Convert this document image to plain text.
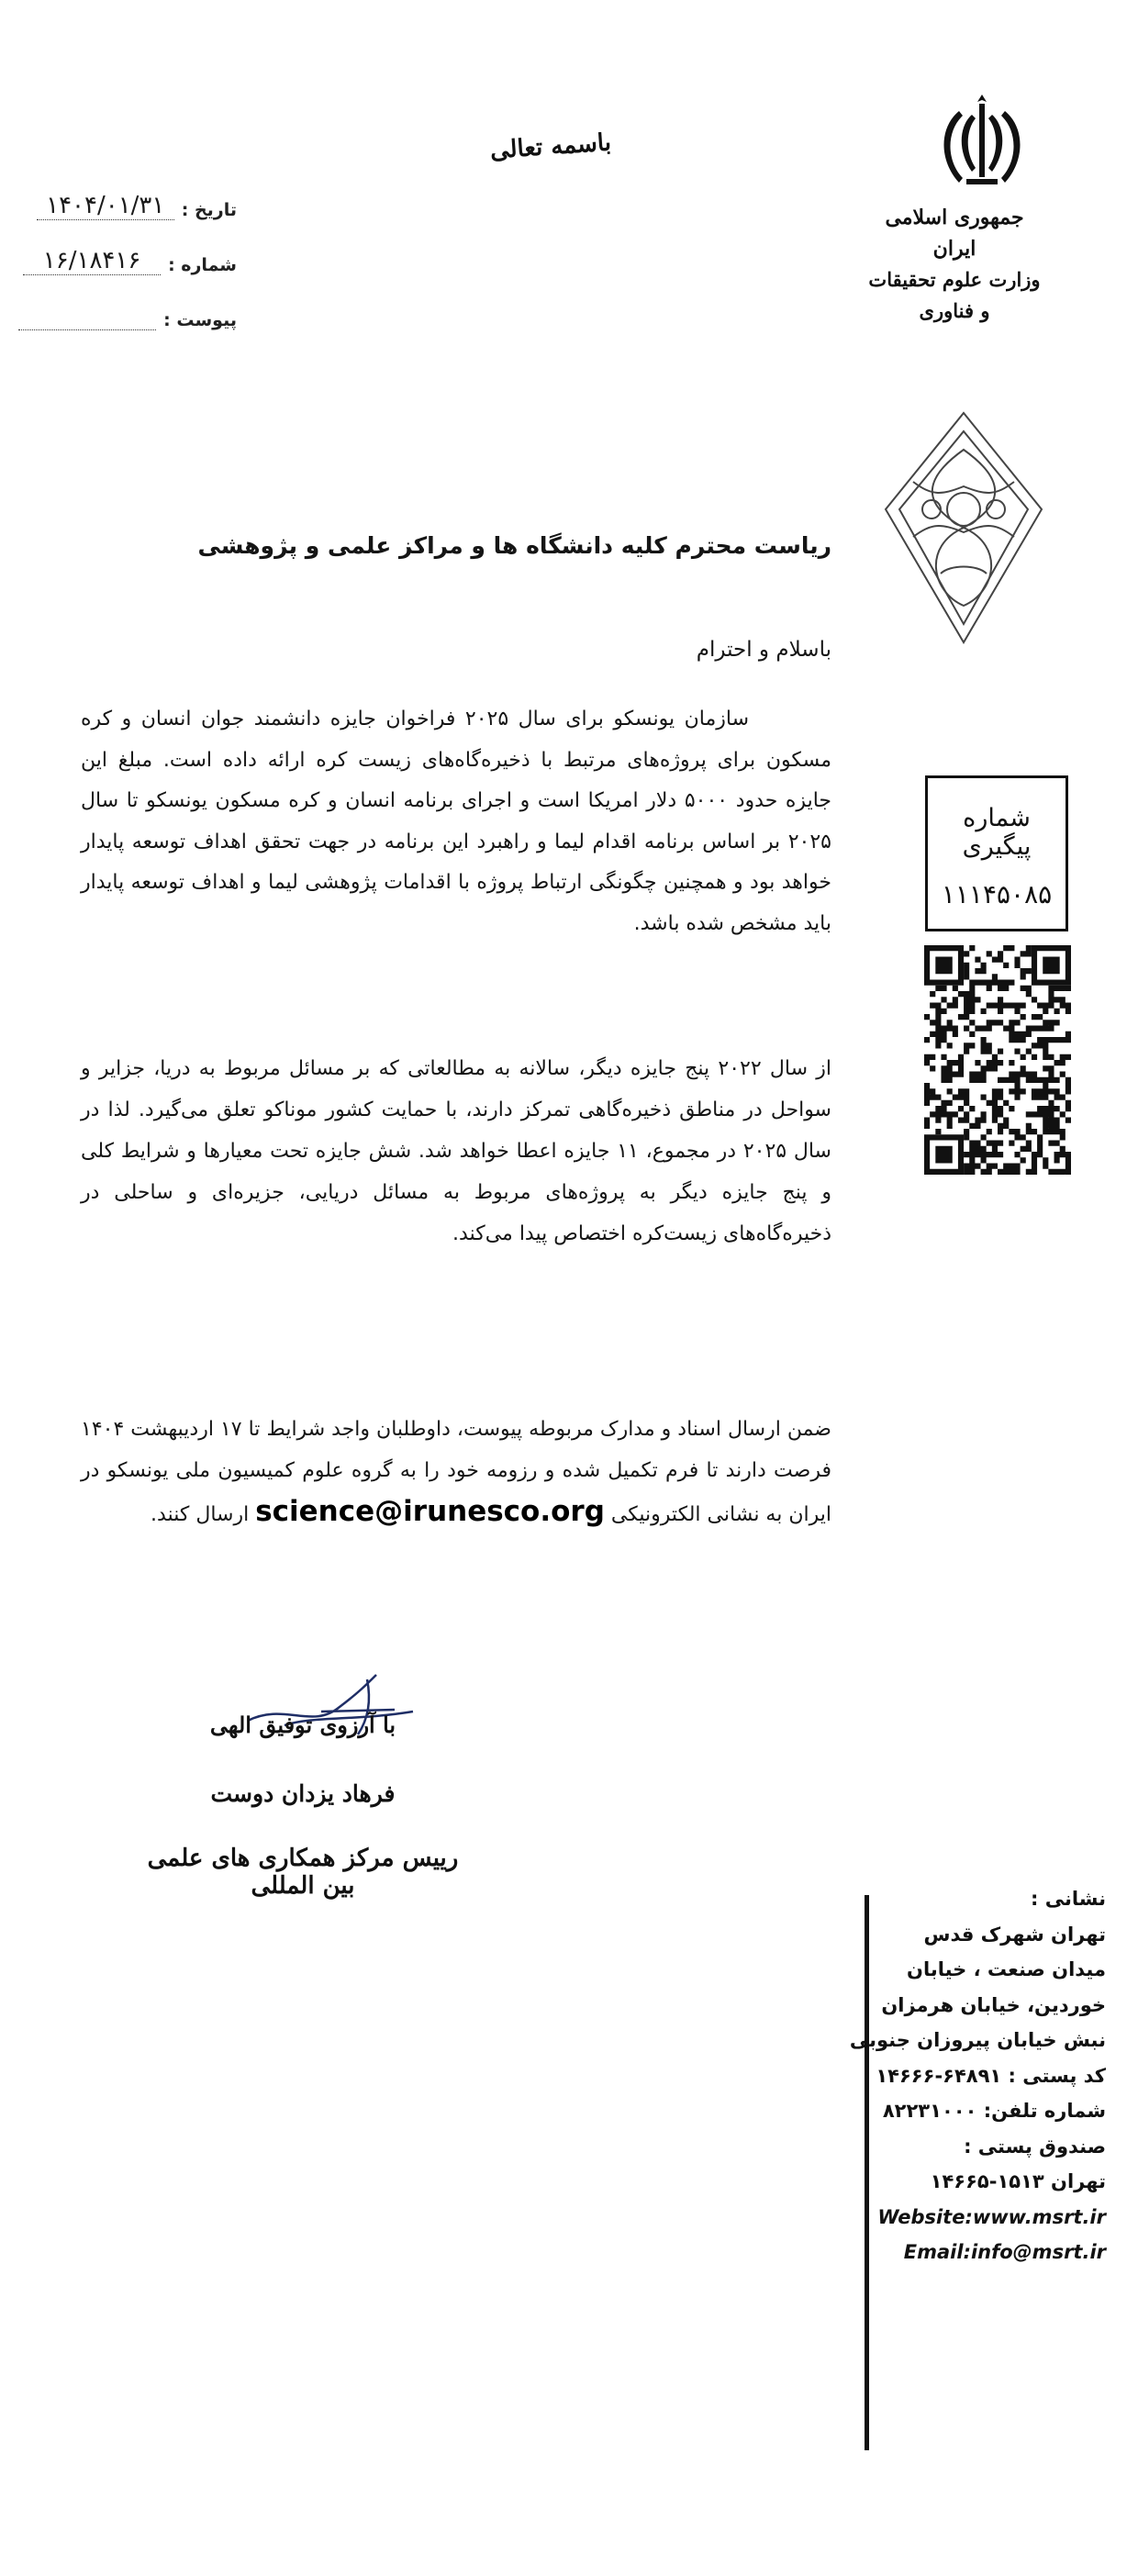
۱۴۰۴/۰۱/۳۱ تاریخ :
۱۶/۱۸۴۱۶	شماره :
پیوست :
باسمه تعالی
جمهوری اسلامی ایران
وزارت علوم تحقیقات و فناوری
شماره پیگیری
۱۱۱۴۵۰۸۵
ریاست محترم کلیه دانشگاه ها و مراکز علمی و پژوهشی
باسلام و احترام

سازمان یونسکو برای سال ۲۰۲۵ فراخوان جایزه دانشمند جوان انسان و کره مسکون برای پروژه‌های مرتبط با ذخیره‌گاه‌های زیست کره ارائه داده است. مبلغ این جایزه حدود ۵۰۰۰ دلار امریکا است و اجرای برنامه انسان و کره مسکون یونسکو تا سال ۲۰۲۵ بر اساس برنامه اقدام لیما و راهبرد این برنامه در جهت تحقق اهداف توسعه پایدار خواهد بود و همچنین چگونگی ارتباط پروژه با اقدامات پژوهشی لیما و اهداف توسعه پایدار باید مشخص شده باشد.

از سال ۲۰۲۲ پنج جایزه دیگر، سالانه به مطالعاتی که بر مسائل مربوط به دریا، جزایر و سواحل در مناطق ذخیره‌گاهی تمرکز دارند، با حمایت کشور موناکو تعلق می‌گیرد. لذا در سال ۲۰۲۵ در مجموع، ۱۱ جایزه اعطا خواهد شد. شش جایزه تحت معیارها و شرایط کلی و پنج جایزه دیگر به پروژه‌های مربوط به مسائل دریایی، جزیره‌ای و ساحلی در ذخیره‌گاه‌های زیست‌کره اختصاص پیدا می‌کند.

ضمن ارسال اسناد و مدارک مربوطه پیوست، داوطلبان واجد شرایط تا ۱۷ اردیبهشت ۱۴۰۴ فرصت دارند تا فرم تکمیل شده و رزومه خود را به گروه علوم کمیسیون ملی یونسکو در ایران به نشانی الکترونیکی science@irunesco.org ارسال کنند.

با آرزوی توفیق الهی
فرهاد یزدان دوست
رییس مرکز همکاری های علمی بین المللی	نشانی :
تهران شهرک قدس
میدان صنعت ، خیابان
خوردین، خیابان هرمزان
نبش خیابان پیروزان جنوبی
کد پستی : ۶۴۸۹۱-۱۴۶۶۶
شماره تلفن: ۸۲۲۳۱۰۰۰
صندوق پستی :
تهران ۱۵۱۳-۱۴۶۶۵
Website:www.msrt.ir
Email:info@msrt.ir
